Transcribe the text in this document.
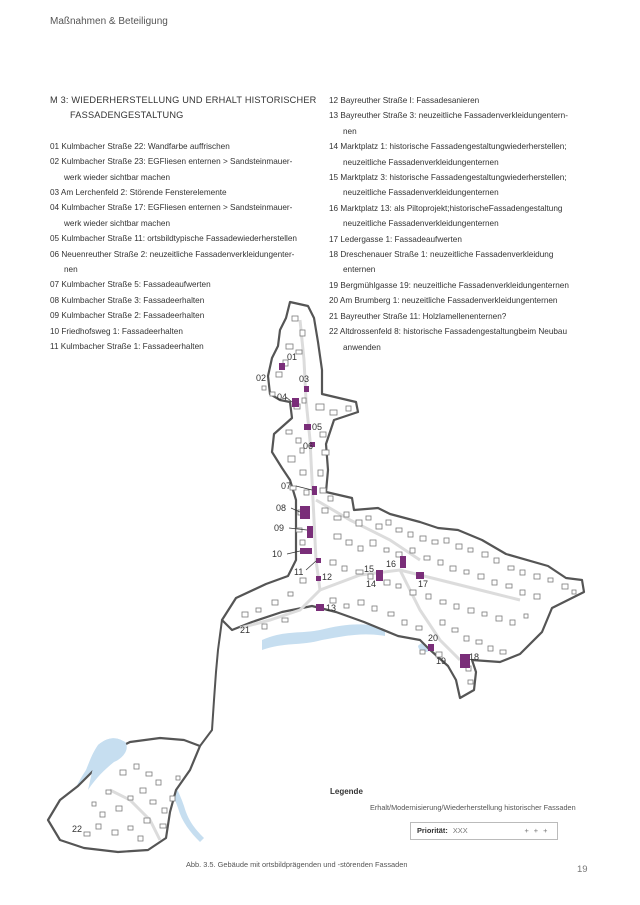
Maßnahmen & Beteiligung
M 3: WIEDERHERSTELLUNG UND ERHALT HISTORISCHER
FASSADENGESTALTUNG
01 Kulmbacher Straße 22: Wandfarbe auffrischen
02 Kulmbacher Straße 23: EGFliesen enternen > Sandsteinmauer-
werk wieder sichtbar machen
03 Am Lerchenfeld 2: Störende Fensterelemente
04 Kulmbacher Straße 17: EGFliesen enternen > Sandsteinmauer-
werk wieder sichtbar machen
05 Kulmbacher Straße 11: ortsbildtypische Fassadewiederherstellen
06 Neuenreuther Straße 2: neuzeitliche Fassadenverkleidungenter-
nen
07 Kulmbacher Straße 5: Fassadeaufwerten
08 Kulmbacher Straße 3: Fassadeerhalten
09 Kulmbacher Straße 2: Fassadeerhalten
10 Friedhofsweg 1: Fassadeerhalten
11 Kulmbacher Straße 1: Fassadeerhalten
12 Bayreuther Straße I: Fassadesanieren
13 Bayreuther Straße 3: neuzeitliche Fassadenverkleidungentern-
nen
14 Marktplatz 1: historische Fassadengestaltungwiederherstellen;
neuzeitliche Fassadenverkleidungenternen
15 Marktplatz 3: historische Fassadengestaltungwiederherstellen;
neuzeitliche Fassadenverkleidungenternen
16 Marktplatz 13: als Piltoprojekt;historischeFassadengestaltung
neuzeitliche Fassadenverkleidungenternen
17 Ledergasse 1: Fassadeaufwerten
18 Dreschenauer Straße 1: neuzeitliche Fassadenverkleidung
enternen
19 Bergmühlgasse 19: neuzeitliche Fassadenverkleidungenternen
20 Am Brumberg 1: neuzeitliche Fassadenverkleidungenternen
21 Bayreuther Straße 11: Holzlamellenenternen?
22 Altdrossenfeld 8: historische Fassadengestaltungbeim Neubau
anwenden
01
02	03
04
05
06
07
08
09
10
11 12
13
14
15 16
17
18
19
20
21
22
Legende
Erhalt/Modernisierung/Wiederherstellung historischer Fassaden
Priorität: XXX	+ + +
Abb. 3.5. Gebäude mit ortsbildprägenden und -störenden Fassaden	19
